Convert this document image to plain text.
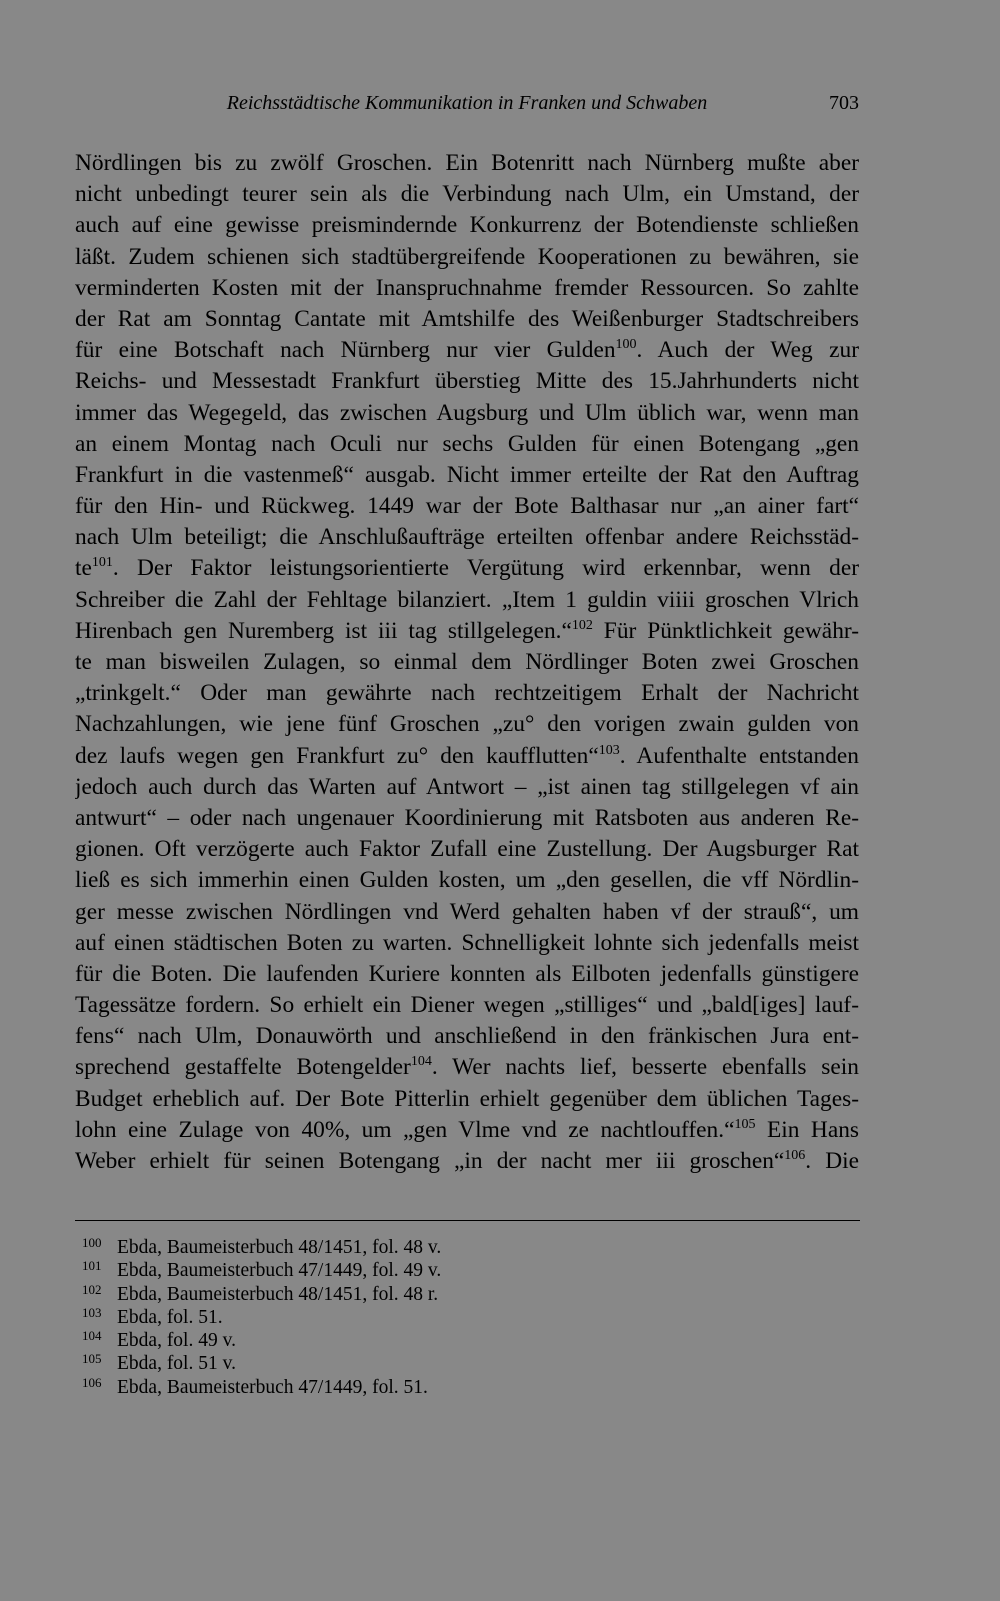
Reichsstädtische Kommunikation in Franken und Schwaben	703
Nördlingen bis zu zwölf Groschen. Ein Botenritt nach Nürnberg mußte aber
nicht unbedingt teurer sein als die Verbindung nach Ulm, ein Umstand, der
auch auf eine gewisse preismindernde Konkurrenz der Botendienste schließen
läßt. Zudem schienen sich stadtübergreifende Kooperationen zu bewähren, sie
verminderten Kosten mit der Inanspruchnahme fremder Ressourcen. So zahlte
der Rat am Sonntag Cantate mit Amtshilfe des Weißenburger Stadtschreibers
für eine Botschaft nach Nürnberg nur vier Gulden$^{100}$. Auch der Weg zur
Reichs- und Messestadt Frankfurt überstieg Mitte des 15.Jahrhunderts nicht
immer das Wegegeld, das zwischen Augsburg und Ulm üblich war, wenn man
an einem Montag nach Oculi nur sechs Gulden für einen Botengang „gen
Frankfurt in die vastenmeß“ ausgab. Nicht immer erteilte der Rat den Auftrag
für den Hin- und Rückweg. 1449 war der Bote Balthasar nur „an ainer fart“
nach Ulm beteiligt; die Anschlußaufträge erteilten offenbar andere Reichsstäd-
$te^{101}$. Der Faktor leistungsorientierte Vergütung wird erkennbar, wenn der
Schreiber die Zahl der Fehltage bilanziert. „Item 1 guldin viiii groschen Vlrich
Hirenbach gen Nuremberg ist iii tag stillgelegen.“$^{102}$ Für Pünktlichkeit gewähr-
te man bisweilen Zulagen, so einmal dem Nördlinger Boten zwei Groschen
„trinkgelt.“ Oder man gewährte nach rechtzeitigem Erhalt der Nachricht
Nachzahlungen, wie jene fünf Groschen „zu° den vorigen zwain gulden von
dez laufs wegen gen Frankfurt zu° den kaufflutten“$^{103}$. Aufenthalte entstanden
jedoch auch durch das Warten auf Antwort – „ist ainen tag stillgelegen vf ain
antwurt“ – oder nach ungenauer Koordinierung mit Ratsboten aus anderen Re-
gionen. Oft verzögerte auch Faktor Zufall eine Zustellung. Der Augsburger Rat
ließ es sich immerhin einen Gulden kosten, um „den gesellen, die vff Nördlin-
ger messe zwischen Nördlingen vnd Werd gehalten haben vf der strauß“, um
auf einen städtischen Boten zu warten. Schnelligkeit lohnte sich jedenfalls meist
für die Boten. Die laufenden Kuriere konnten als Eilboten jedenfalls günstigere
Tagessätze fordern. So erhielt ein Diener wegen „stilliges“ und „bald[iges] lauf-
fens“ nach Ulm, Donauwörth und anschließend in den fränkischen Jura ent-
sprechend gestaffelte Botengelder$^{104}$. Wer nachts lief, besserte ebenfalls sein
Budget erheblich auf. Der Bote Pitterlin erhielt gegenüber dem üblichen Tages-
lohn eine Zulage von 40%, um „gen Vlme vnd ze nachtlouffen.“$^{105}$ Ein Hans
Weber erhielt für seinen Botengang „in der nacht mer iii groschen“$^{106}$. Die
100 Ebda, Baumeisterbuch 48/1451, fol. 48 v.
101 Ebda, Baumeisterbuch 47/1449, fol. 49 v.
102 Ebda, Baumeisterbuch 48/1451, fol. 48 r.
103 Ebda, fol. 51.
104 Ebda, fol. 49 v.
105 Ebda, fol. 51 v.
106 Ebda, Baumeisterbuch 47/1449, fol. 51.
